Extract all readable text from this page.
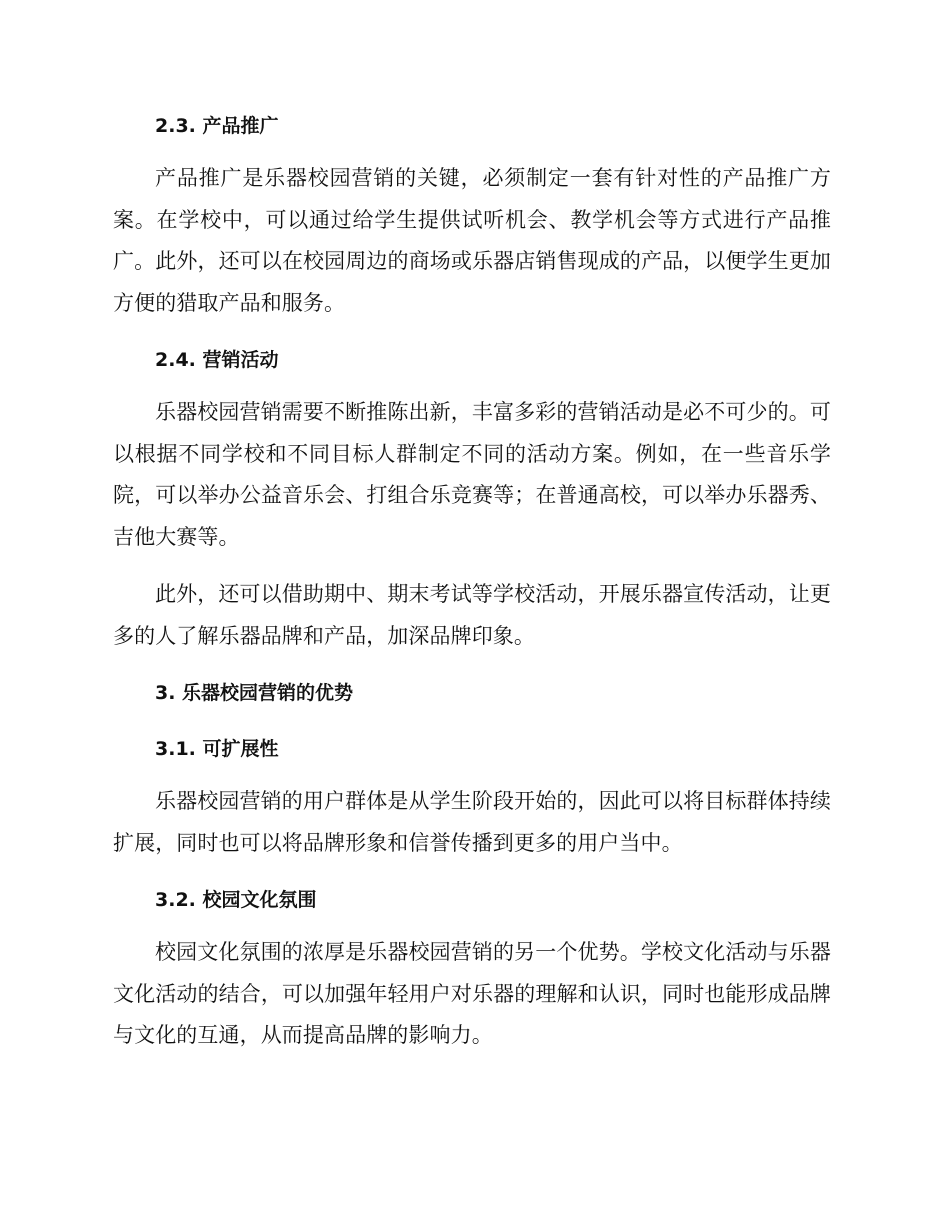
2.3. 产品推广

产品推广是乐器校园营销的关键，必须制定一套有针对性的产品推广方案。在学校中，可以通过给学生提供试听机会、教学机会等方式进行产品推广。此外，还可以在校园周边的商场或乐器店销售现成的产品，以便学生更加方便的猎取产品和服务。

2.4. 营销活动

乐器校园营销需要不断推陈出新，丰富多彩的营销活动是必不可少的。可以根据不同学校和不同目标人群制定不同的活动方案。例如，在一些音乐学院，可以举办公益音乐会、打组合乐竞赛等；在普通高校，可以举办乐器秀、吉他大赛等。

此外，还可以借助期中、期末考试等学校活动，开展乐器宣传活动，让更多的人了解乐器品牌和产品，加深品牌印象。

3. 乐器校园营销的优势
3.1. 可扩展性

乐器校园营销的用户群体是从学生阶段开始的，因此可以将目标群体持续扩展，同时也可以将品牌形象和信誉传播到更多的用户当中。

3.2. 校园文化氛围

校园文化氛围的浓厚是乐器校园营销的另一个优势。学校文化活动与乐器文化活动的结合，可以加强年轻用户对乐器的理解和认识，同时也能形成品牌与文化的互通，从而提高品牌的影响力。
